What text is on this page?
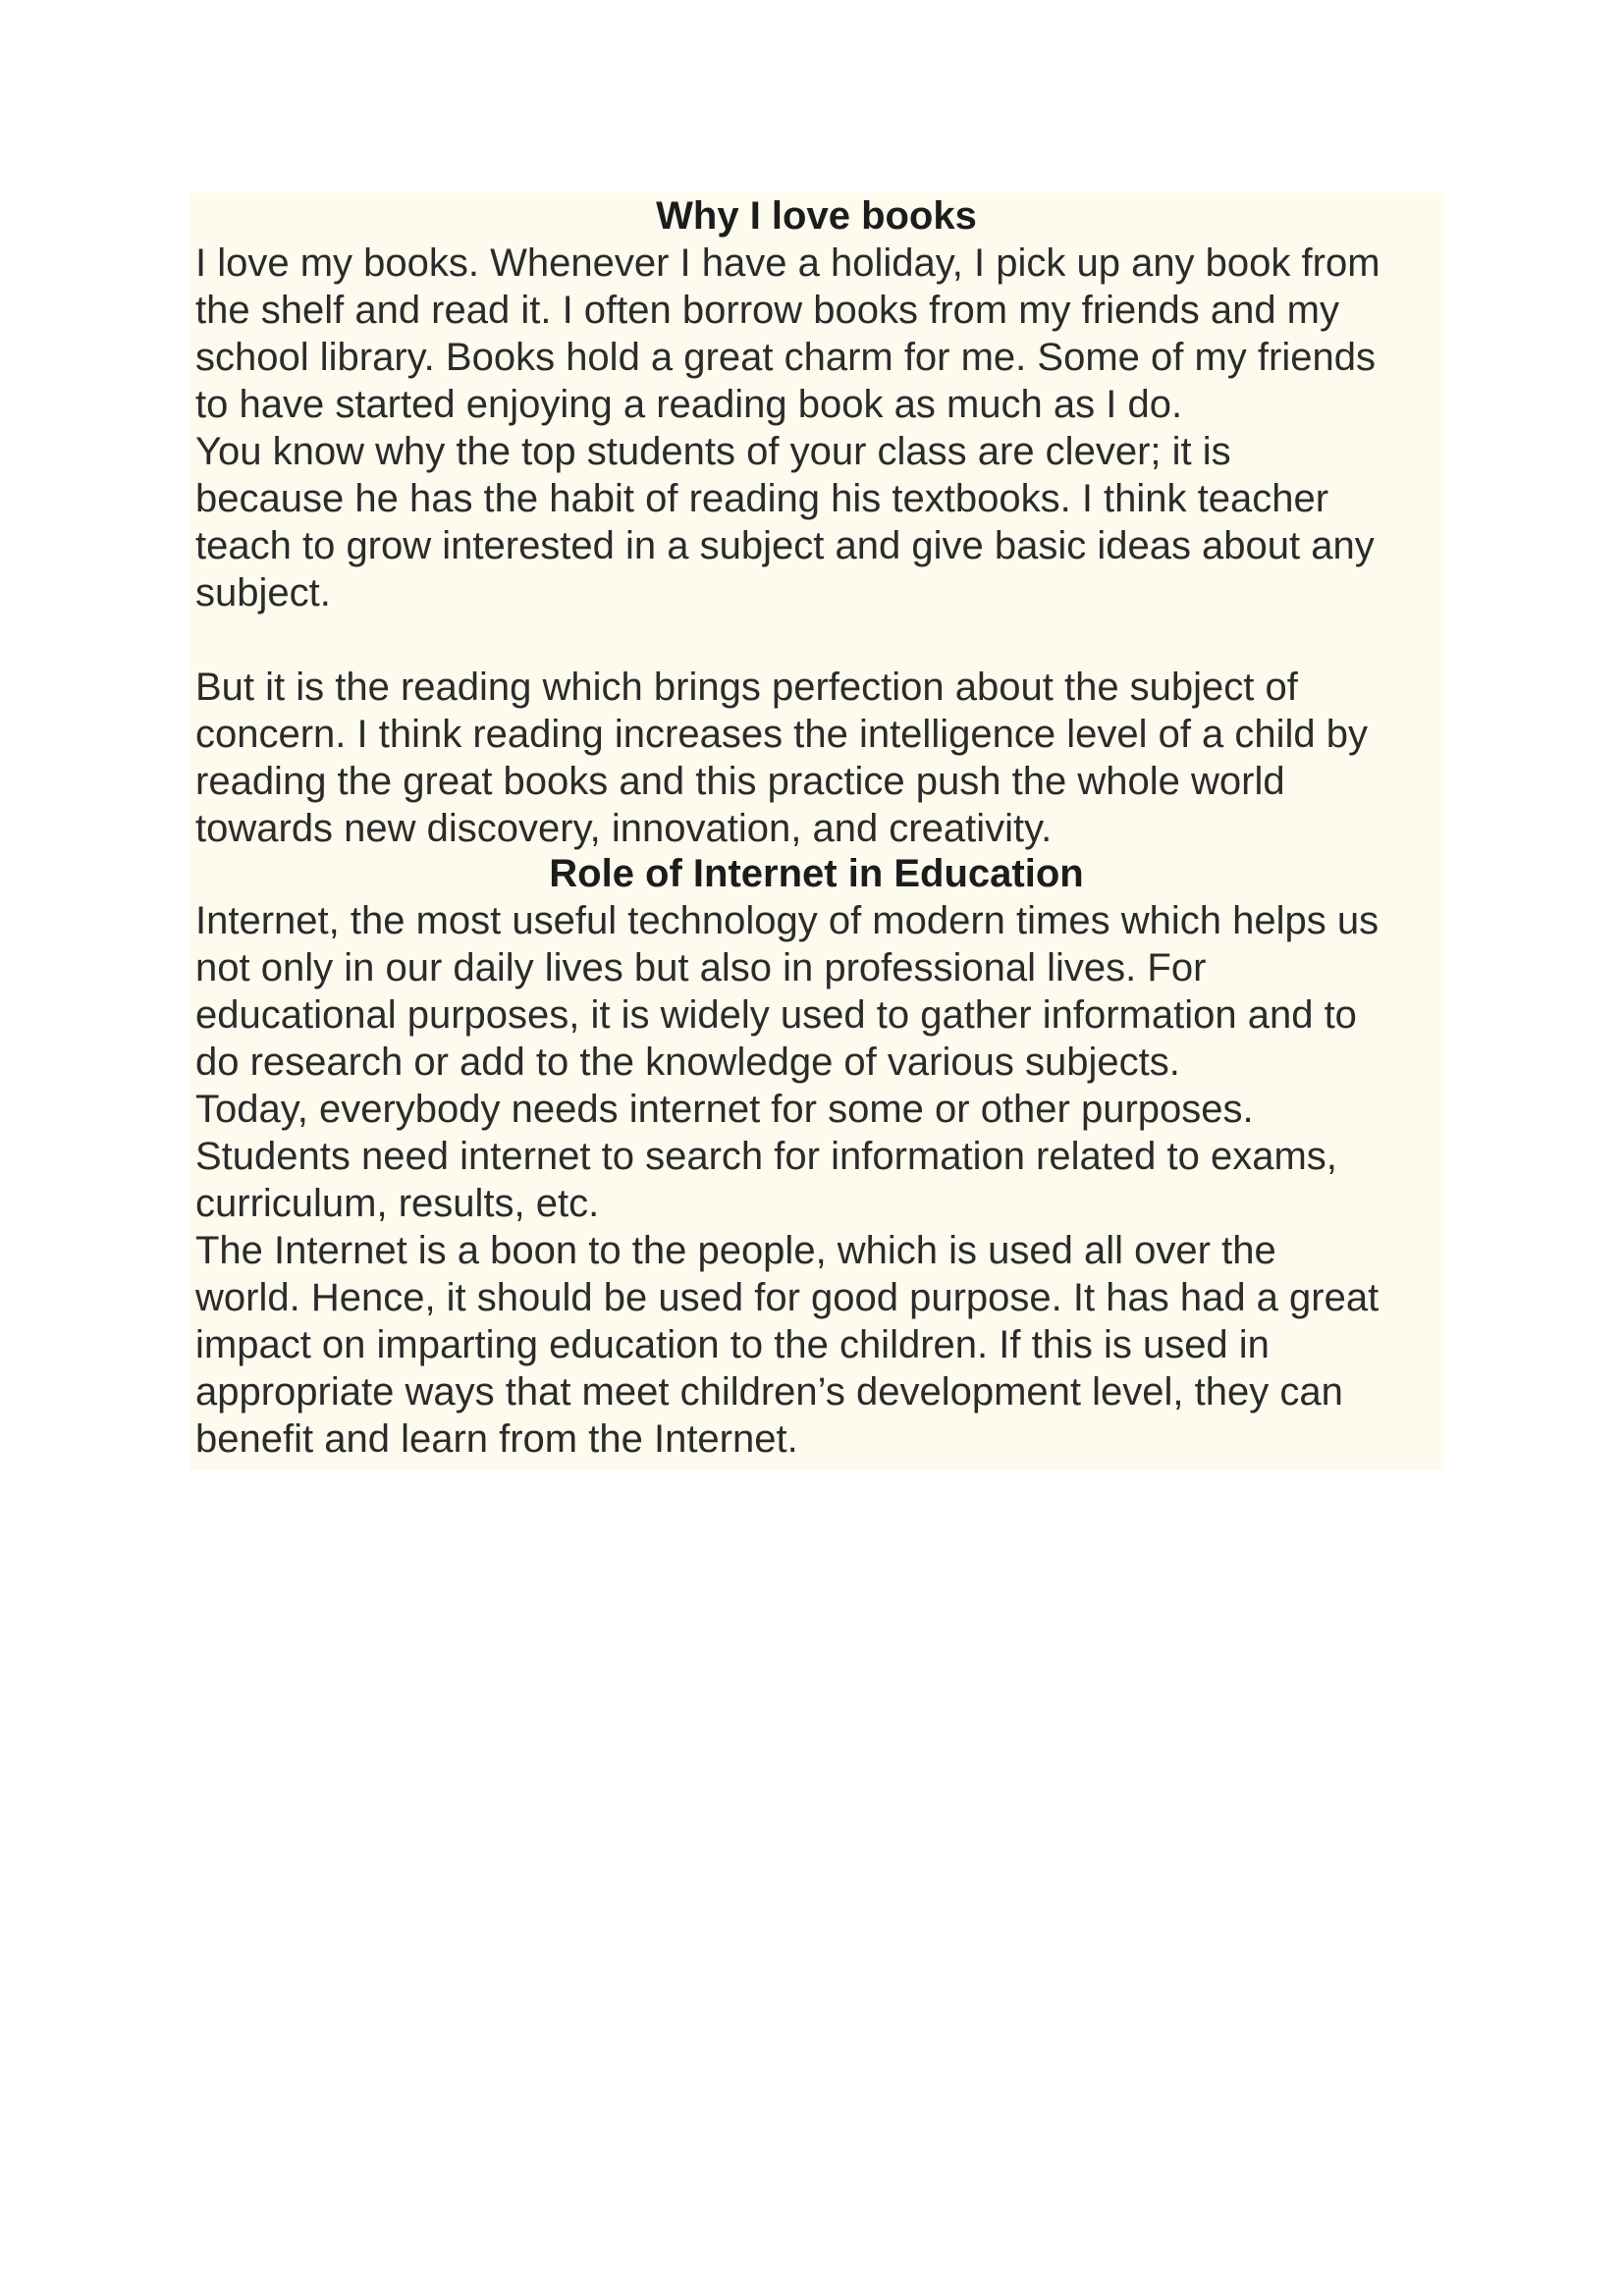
Why I love books
I love my books. Whenever I have a holiday, I pick up any book from
the shelf and read it. I often borrow books from my friends and my
school library. Books hold a great charm for me. Some of my friends
to have started enjoying a reading book as much as I do.
You know why the top students of your class are clever; it is
because he has the habit of reading his textbooks. I think teacher
teach to grow interested in a subject and give basic ideas about any
subject.
But it is the reading which brings perfection about the subject of
concern. I think reading increases the intelligence level of a child by
reading the great books and this practice push the whole world
towards new discovery, innovation, and creativity.
Role of Internet in Education
Internet, the most useful technology of modern times which helps us
not only in our daily lives but also in professional lives. For
educational purposes, it is widely used to gather information and to
do research or add to the knowledge of various subjects.
Today, everybody needs internet for some or other purposes.
Students need internet to search for information related to exams,
curriculum, results, etc.
The Internet is a boon to the people, which is used all over the
world. Hence, it should be used for good purpose. It has had a great
impact on imparting education to the children. If this is used in
appropriate ways that meet children’s development level, they can
benefit and learn from the Internet.
